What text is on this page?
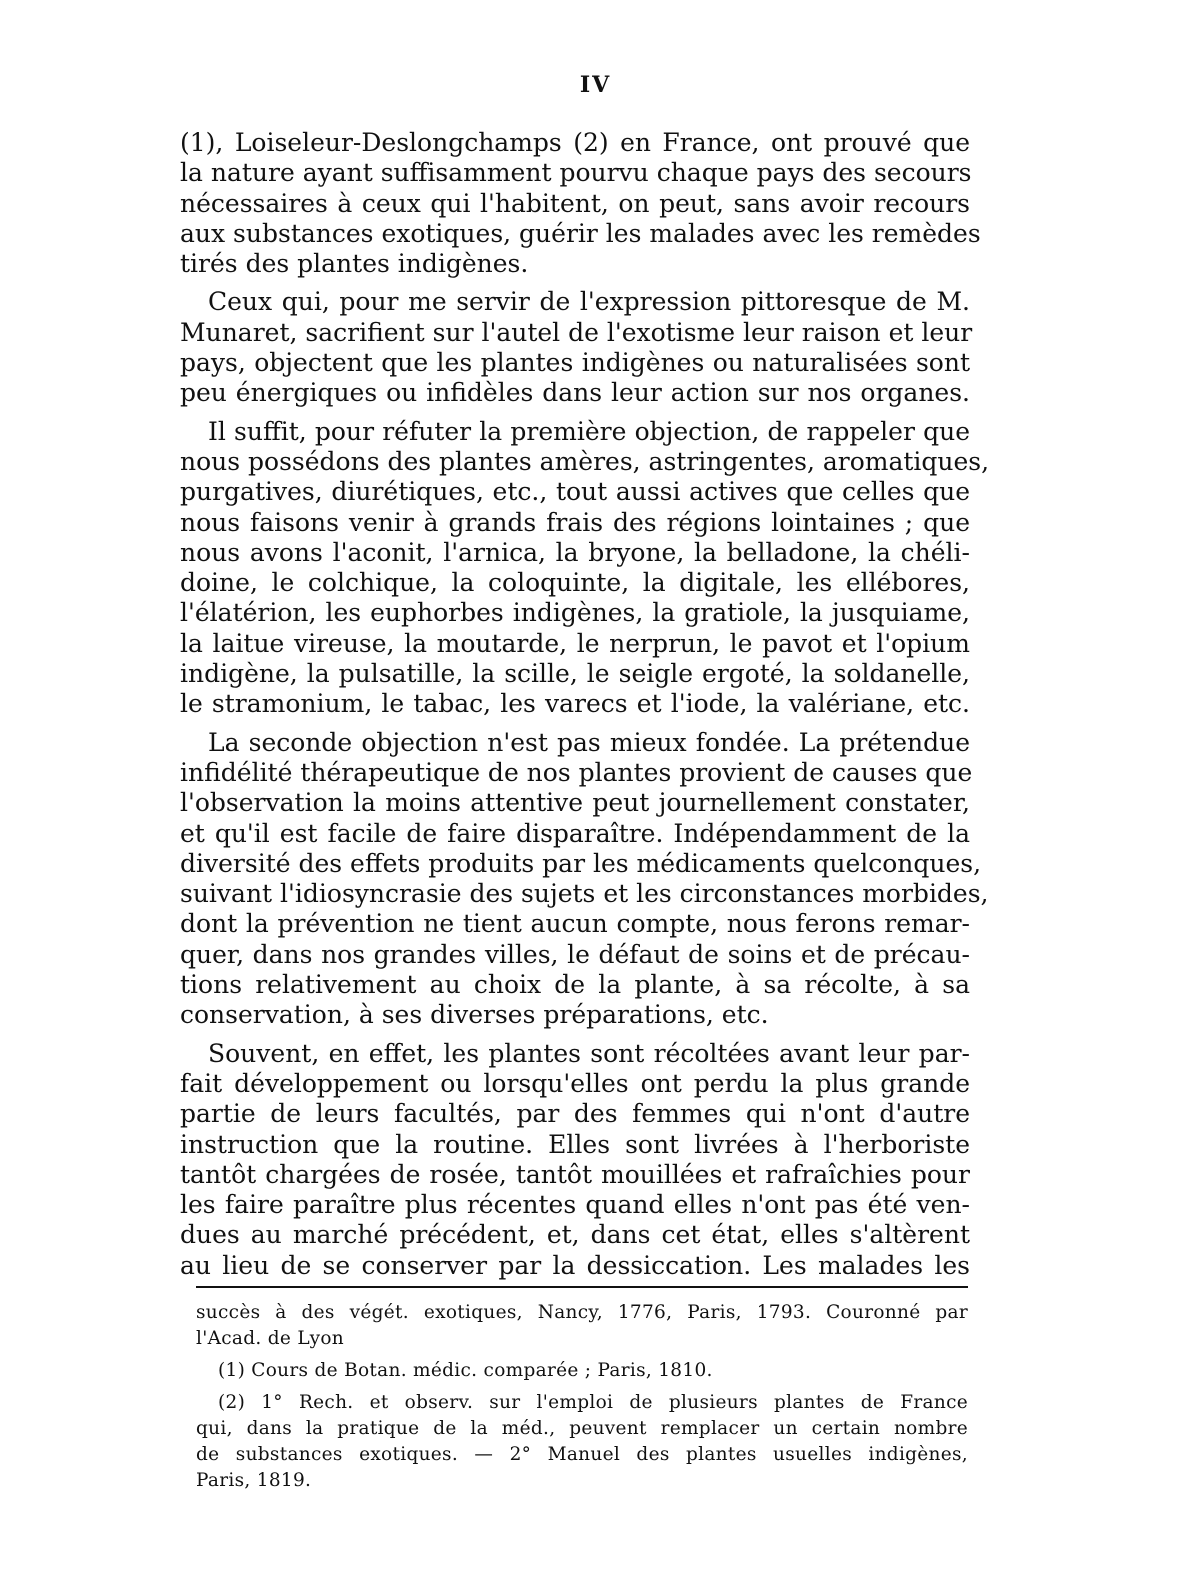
IV
(1), Loiseleur-Deslongchamps (2) en France, ont prouvé que
la nature ayant suffisamment pourvu chaque pays des secours
nécessaires à ceux qui l'habitent, on peut, sans avoir recours
aux substances exotiques, guérir les malades avec les remèdes
tirés des plantes indigènes.
Ceux qui, pour me servir de l'expression pittoresque de M.
Munaret, sacrifient sur l'autel de l'exotisme leur raison et leur
pays, objectent que les plantes indigènes ou naturalisées sont
peu énergiques ou infidèles dans leur action sur nos organes.
Il suffit, pour réfuter la première objection, de rappeler que
nous possédons des plantes amères, astringentes, aromatiques,
purgatives, diurétiques, etc., tout aussi actives que celles que
nous faisons venir à grands frais des régions lointaines ; que
nous avons l'aconit, l'arnica, la bryone, la belladone, la chéli-
doine, le colchique, la coloquinte, la digitale, les ellébores,
l'élatérion, les euphorbes indigènes, la gratiole, la jusquiame,
la laitue vireuse, la moutarde, le nerprun, le pavot et l'opium
indigène, la pulsatille, la scille, le seigle ergoté, la soldanelle,
le stramonium, le tabac, les varecs et l'iode, la valériane, etc.
La seconde objection n'est pas mieux fondée. La prétendue
infidélité thérapeutique de nos plantes provient de causes que
l'observation la moins attentive peut journellement constater,
et qu'il est facile de faire disparaître. Indépendamment de la
diversité des effets produits par les médicaments quelconques,
suivant l'idiosyncrasie des sujets et les circonstances morbides,
dont la prévention ne tient aucun compte, nous ferons remar-
quer, dans nos grandes villes, le défaut de soins et de précau-
tions relativement au choix de la plante, à sa récolte, à sa
conservation, à ses diverses préparations, etc.
Souvent, en effet, les plantes sont récoltées avant leur par-
fait développement ou lorsqu'elles ont perdu la plus grande
partie de leurs facultés, par des femmes qui n'ont d'autre
instruction que la routine. Elles sont livrées à l'herboriste
tantôt chargées de rosée, tantôt mouillées et rafraîchies pour
les faire paraître plus récentes quand elles n'ont pas été ven-
dues au marché précédent, et, dans cet état, elles s'altèrent
au lieu de se conserver par la dessiccation. Les malades les
succès à des végét. exotiques, Nancy, 1776, Paris, 1793. Couronné par
l'Acad. de Lyon
(1) Cours de Botan. médic. comparée ; Paris, 1810.
(2) 1° Rech. et observ. sur l'emploi de plusieurs plantes de France
qui, dans la pratique de la méd., peuvent remplacer un certain nombre
de substances exotiques. — 2° Manuel des plantes usuelles indigènes,
Paris, 1819.
